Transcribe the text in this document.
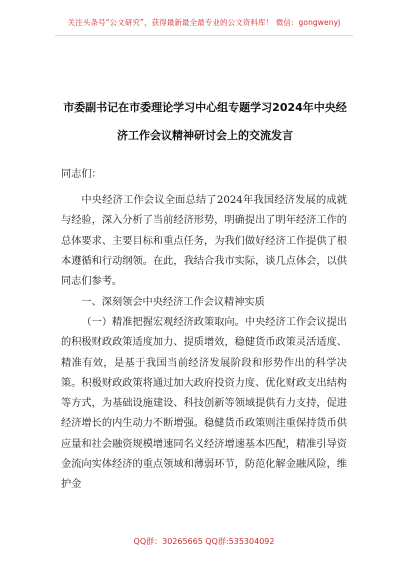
关注头条号“公文研究”，获得最新最全最专业的公文资料库！ 微信：gongwenyj
市委副书记在市委理论学习中心组专题学习2024年中央经
济工作会议精神研讨会上的交流发言
同志们：
中央经济工作会议全面总结了2024年我国经济发展的成就与经验，深入分析了当前经济形势，明确提出了明年经济工作的总体要求、主要目标和重点任务，为我们做好经济工作提供了根本遵循和行动纲领。在此，我结合我市实际，谈几点体会，以供同志们参考。
一、深刻领会中央经济工作会议精神实质
（一）精准把握宏观经济政策取向。中央经济工作会议提出的积极财政政策适度加力、提质增效，稳健货币政策灵活适度、精准有效，是基于我国当前经济发展阶段和形势作出的科学决策。积极财政政策将通过加大政府投资力度、优化财政支出结构等方式，为基础设施建设、科技创新等领域提供有力支持，促进经济增长的内生动力不断增强。稳健货币政策则注重保持货币供应量和社会融资规模增速同名义经济增速基本匹配，精准引导资金流向实体经济的重点领域和薄弱环节，防范化解金融风险，维护金
QQ群：30265665 QQ群:535304092
